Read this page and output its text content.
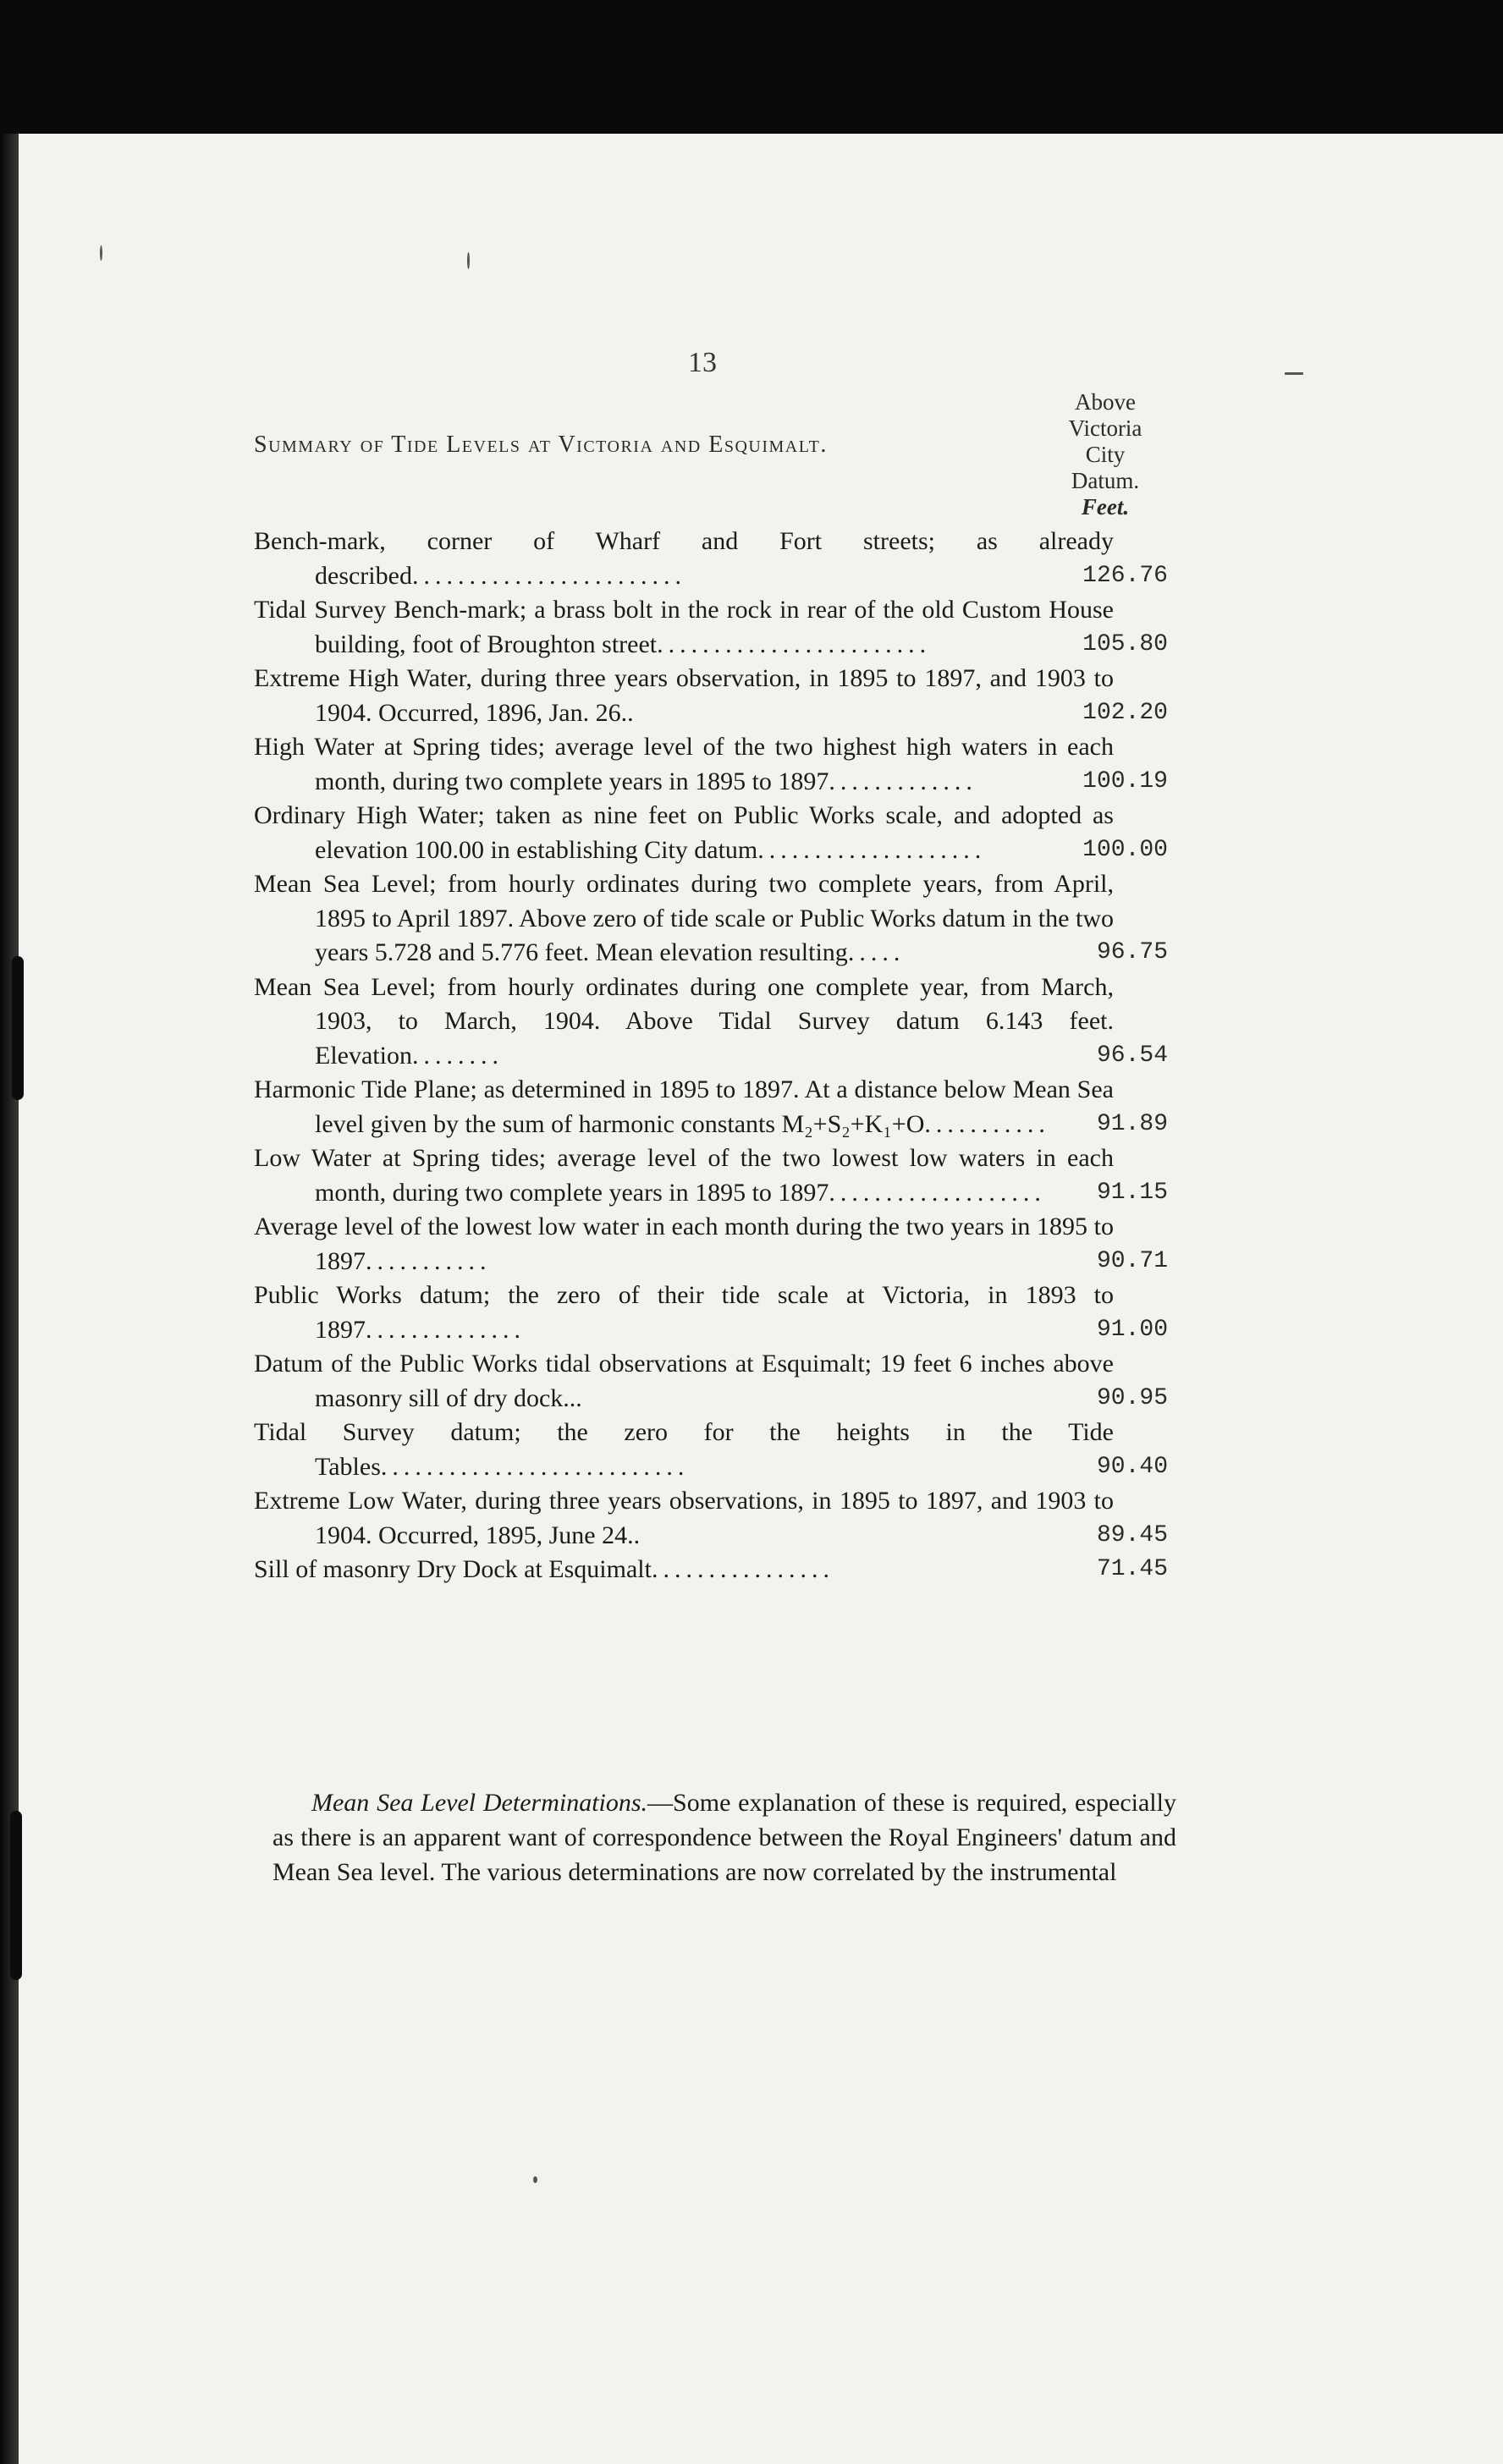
13
Above
Victoria
City
Datum.
Feet.
Summary of Tide Levels at Victoria and Esquimalt.
Bench-mark, corner of Wharf and Fort streets; as already described........................	126.76
Tidal Survey Bench-mark; a brass bolt in the rock in rear of the old Custom House building, foot of Broughton street........................	105.80
Extreme High Water, during three years observation, in 1895 to 1897, and 1903 to 1904. Occurred, 1896, Jan. 26..	102.20
High Water at Spring tides; average level of the two highest high waters in each month, during two complete years in 1895 to 1897.............	100.19
Ordinary High Water; taken as nine feet on Public Works scale, and adopted as elevation 100.00 in establishing City datum....................	100.00
Mean Sea Level; from hourly ordinates during two complete years, from April, 1895 to April 1897. Above zero of tide scale or Public Works datum in the two years 5.728 and 5.776 feet. Mean elevation resulting.....	96.75
Mean Sea Level; from hourly ordinates during one complete year, from March, 1903, to March, 1904. Above Tidal Survey datum 6.143 feet. Elevation........	96.54
Harmonic Tide Plane; as determined in 1895 to 1897. At a distance below Mean Sea level given by the sum of harmonic constants M₂+S₂+K₁+O...........	91.89
Low Water at Spring tides; average level of the two lowest low waters in each month, during two complete years in 1895 to 1897...................	91.15
Average level of the lowest low water in each month during the two years in 1895 to 1897...........	90.71
Public Works datum; the zero of their tide scale at Victoria, in 1893 to 1897..............	91.00
Datum of the Public Works tidal observations at Esquimalt; 19 feet 6 inches above masonry sill of dry dock...	90.95
Tidal Survey datum; the zero for the heights in the Tide Tables...........................	90.40
Extreme Low Water, during three years observations, in 1895 to 1897, and 1903 to 1904. Occurred, 1895, June 24..	89.45
Sill of masonry Dry Dock at Esquimalt................	71.45
Mean Sea Level Determinations.—Some explanation of these is required, especially as there is an apparent want of correspondence between the Royal Engineers' datum and Mean Sea level. The various determinations are now correlated by the instrumental
